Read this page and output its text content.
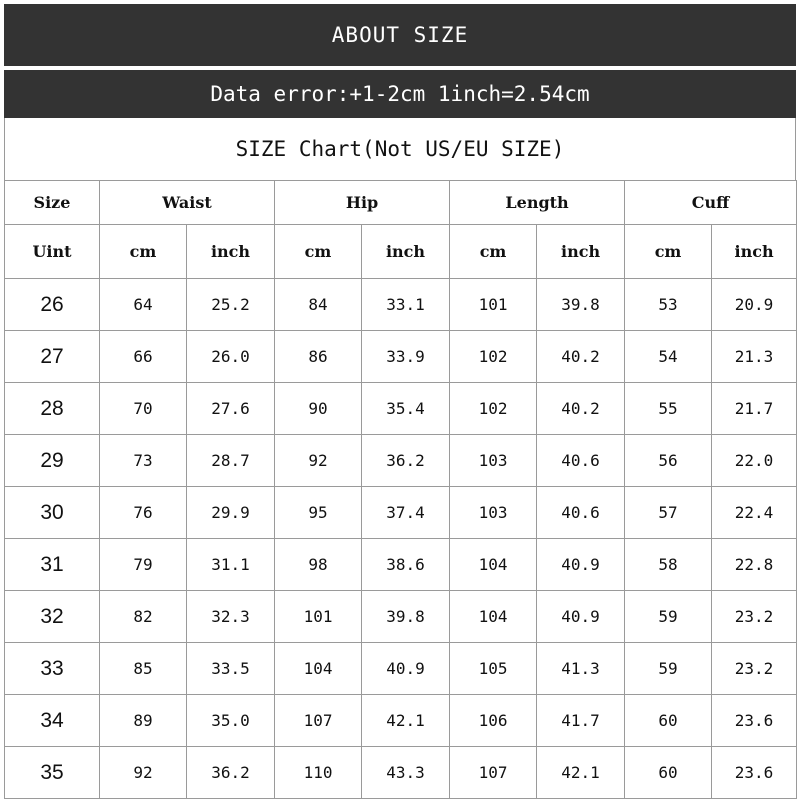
ABOUT SIZE
Data error:+1-2cm 1inch=2.54cm
SIZE Chart(Not US/EU SIZE)
Size	Waist		Hip		Length		Cuff	
Uint	cm	inch	cm	inch	cm	inch	cm	inch
26	64	25.2	84	33.1	101	39.8	53	20.9
27	66	26.0	86	33.9	102	40.2	54	21.3
28	70	27.6	90	35.4	102	40.2	55	21.7
29	73	28.7	92	36.2	103	40.6	56	22.0
30	76	29.9	95	37.4	103	40.6	57	22.4
31	79	31.1	98	38.6	104	40.9	58	22.8
32	82	32.3	101	39.8	104	40.9	59	23.2
33	85	33.5	104	40.9	105	41.3	59	23.2
34	89	35.0	107	42.1	106	41.7	60	23.6
35	92	36.2	110	43.3	107	42.1	60	23.6
